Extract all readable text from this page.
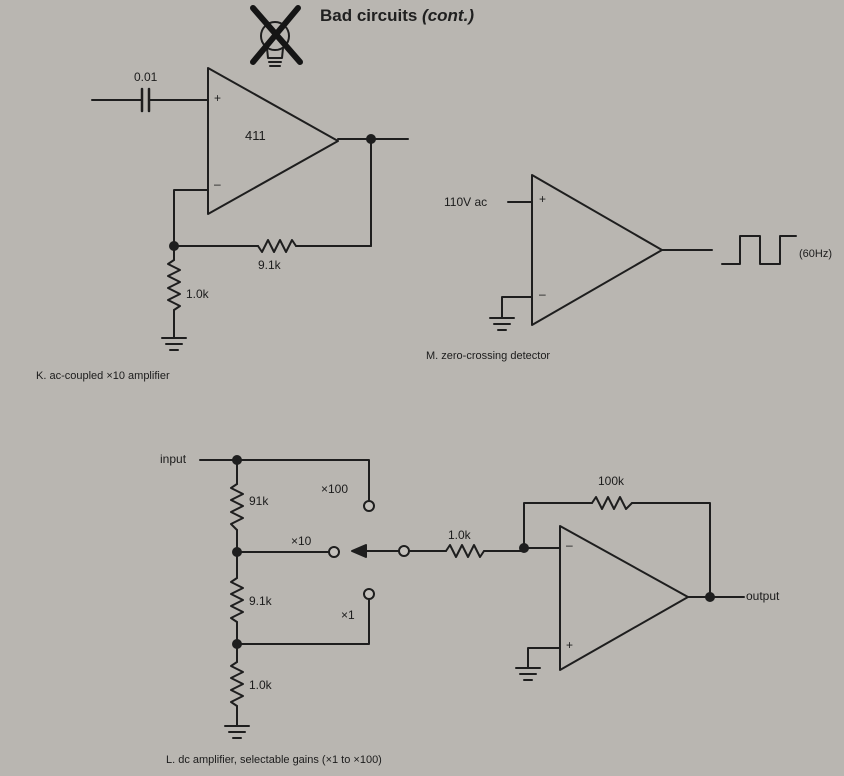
Bad circuits (cont.)
0.01
411
+
–
9.1k
1.0k
K. ac-coupled ×10 amplifier
110V ac	+
–
(60Hz)
M. zero-crossing detector
input
91k
×100
×10
9.1k
×1
1.0k
1.0k
100k
–
+
output
L. dc amplifier, selectable gains (×1 to ×100)
